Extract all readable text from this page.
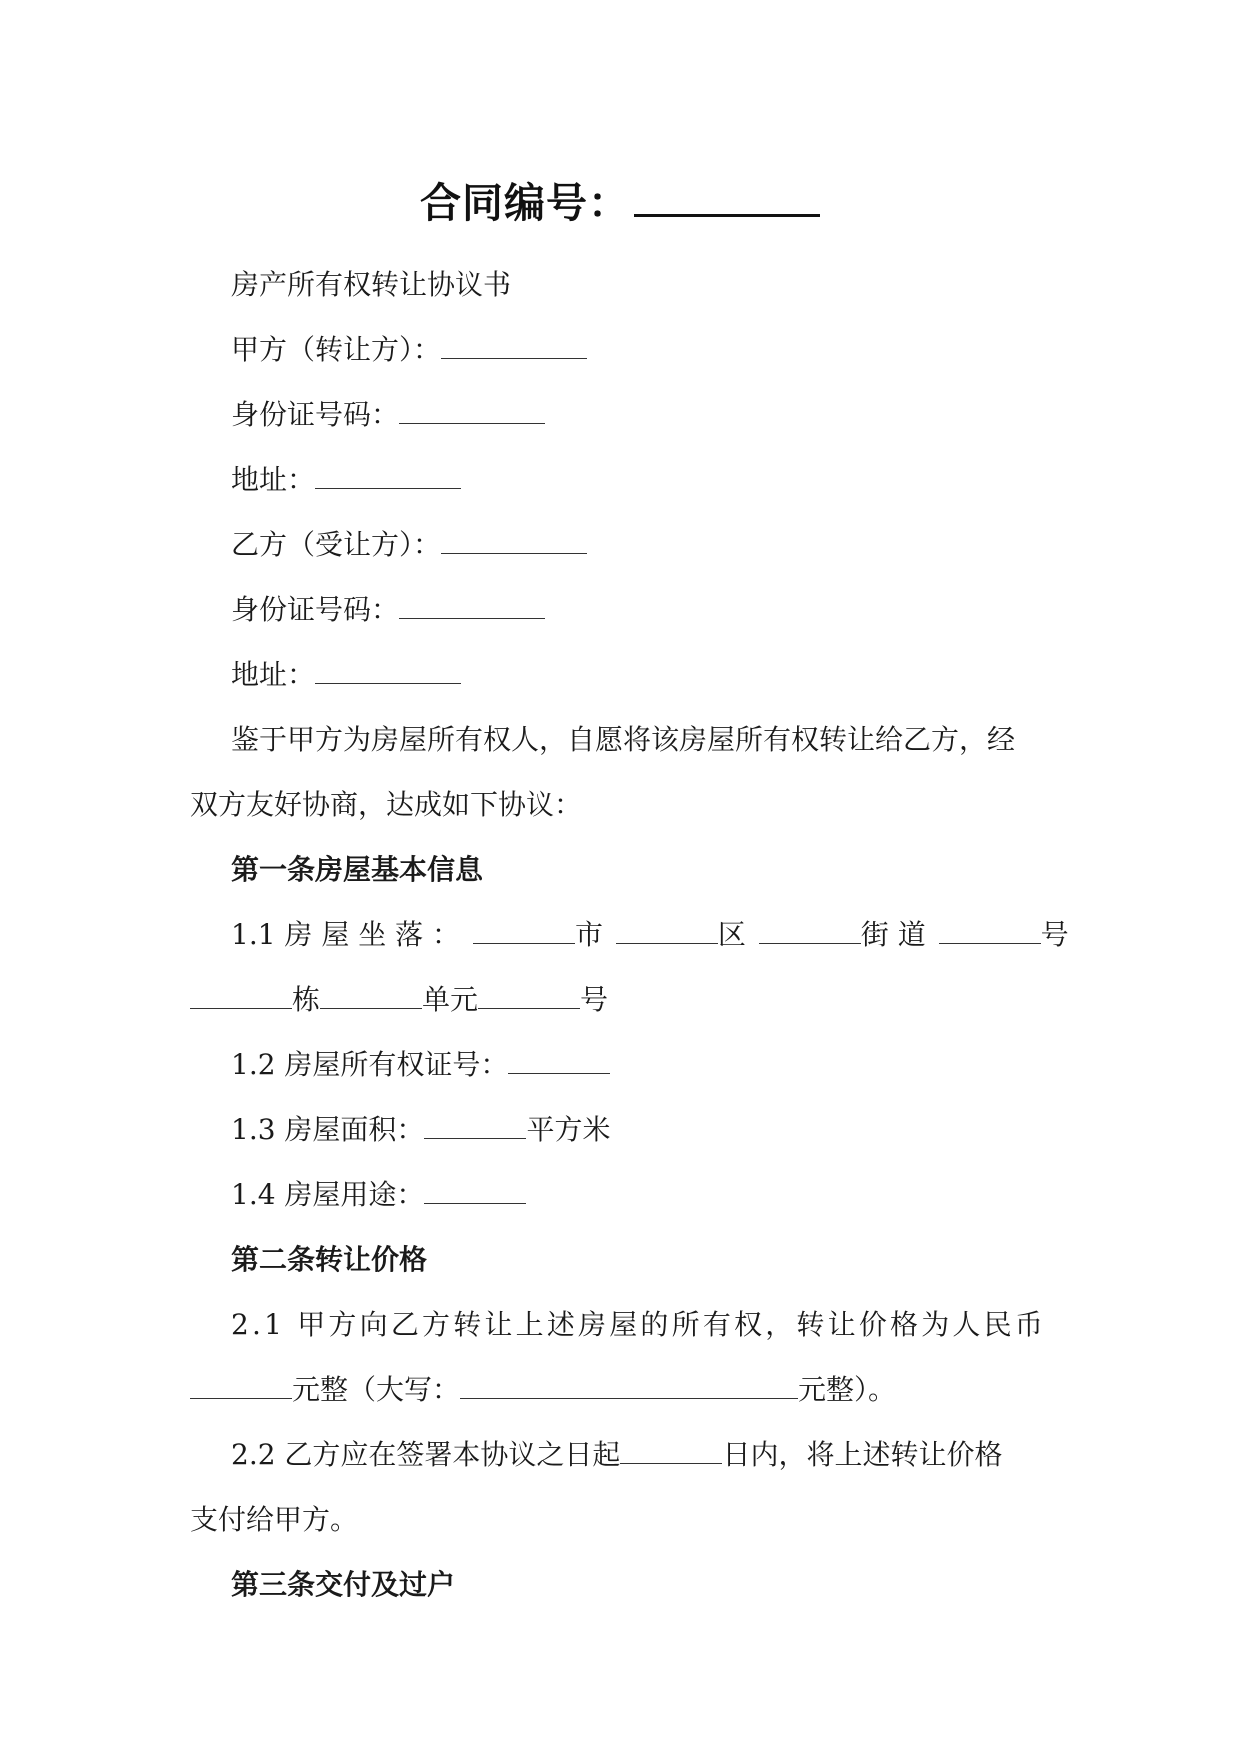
合同编号：
房产所有权转让协议书
甲方（转让方）：
身份证号码：
地址：
乙方（受让方）：
身份证号码：
地址：
鉴于甲方为房屋所有权人，自愿将该房屋所有权转让给乙方，经
双方友好协商，达成如下协议：
第一条房屋基本信息
1.1 房 屋 坐 落 ：	市	区	街 道	号
栋	单元	号
1.2 房屋所有权证号：
1.3 房屋面积：	平方米
1.4 房屋用途：
第二条转让价格
2.1 甲方向乙方转让上述房屋的所有权，转让价格为人民币
元整（大写：	元整）。
2.2 乙方应在签署本协议之日起	日内，将上述转让价格
支付给甲方。
第三条交付及过户
